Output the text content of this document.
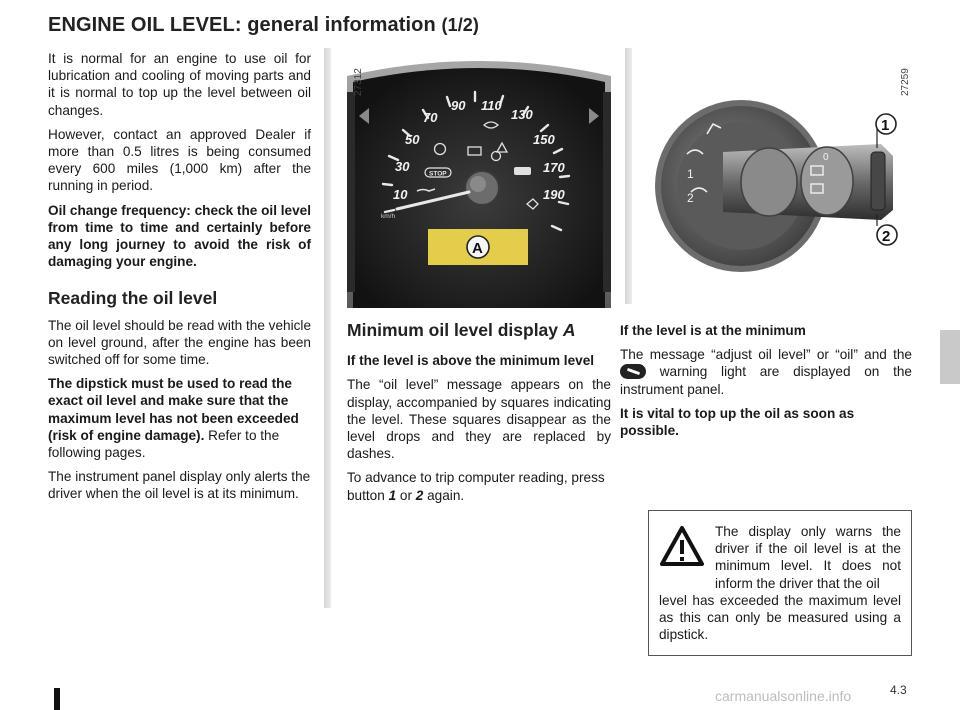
ENGINE OIL LEVEL: general information (1/2)

It is normal for an engine to use oil for lubrication and cooling of moving parts and it is normal to top up the level between oil changes.

However, contact an approved Dealer if more than 0.5 litres is being consumed every 600 miles (1,000 km) after the running in period.

Oil change frequency: check the oil level from time to time and certainly before any long journey to avoid the risk of damaging your engine.

Reading the oil level

The oil level should be read with the vehicle on level ground, after the engine has been switched off for some time.

The dipstick must be used to read the exact oil level and make sure that the maximum level has not been exceeded (risk of engine damage). Refer to the following pages.

The instrument panel display only alerts the driver when the oil level is at its minimum.

10
30
50
70
90 110
130
150
170
190
km/h
STOP
A
27312	27259
1
2
0
1
2
Minimum oil level display A

If the level is above the minimum level

The “oil level” message appears on the display, accompanied by squares indicating the level. These squares disappear as the level drops and they are replaced by dashes.

To advance to trip computer reading, press button 1 or 2 again.

If the level is at the minimum

The message “adjust oil level” or “oil” and the  warning light are displayed on the instrument panel.

It is vital to top up the oil as soon as possible.

The display only warns the driver if the oil level is at the minimum level. It does not inform the driver that the oil
level has exceeded the maximum level as this can only be measured using a dipstick.
4.3
carmanualsonline.info
